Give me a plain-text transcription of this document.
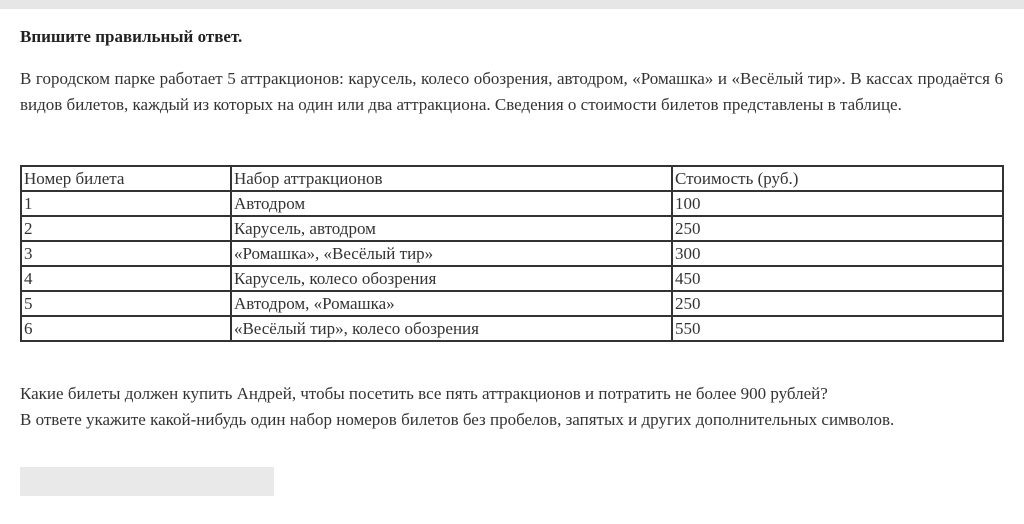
Впишите правильный ответ.

В городском парке работает 5 аттракционов: карусель, колесо обозрения, автодром, «Ромашка» и «Весёлый тир». В кассах продаётся 6 видов билетов, каждый из которых на один или два аттракциона. Сведения о стоимости билетов представлены в таблице.

Номер билета	Набор аттракционов	Стоимость (руб.)
1	Автодром	100
2	Карусель, автодром	250
3	«Ромашка», «Весёлый тир»	300
4	Карусель, колесо обозрения	450
5	Автодром, «Ромашка»	250
6	«Весёлый тир», колесо обозрения	550
Какие билеты должен купить Андрей, чтобы посетить все пять аттракционов и потратить не более 900 рублей?
В ответе укажите какой-нибудь один набор номеров билетов без пробелов, запятых и других дополнительных символов.
